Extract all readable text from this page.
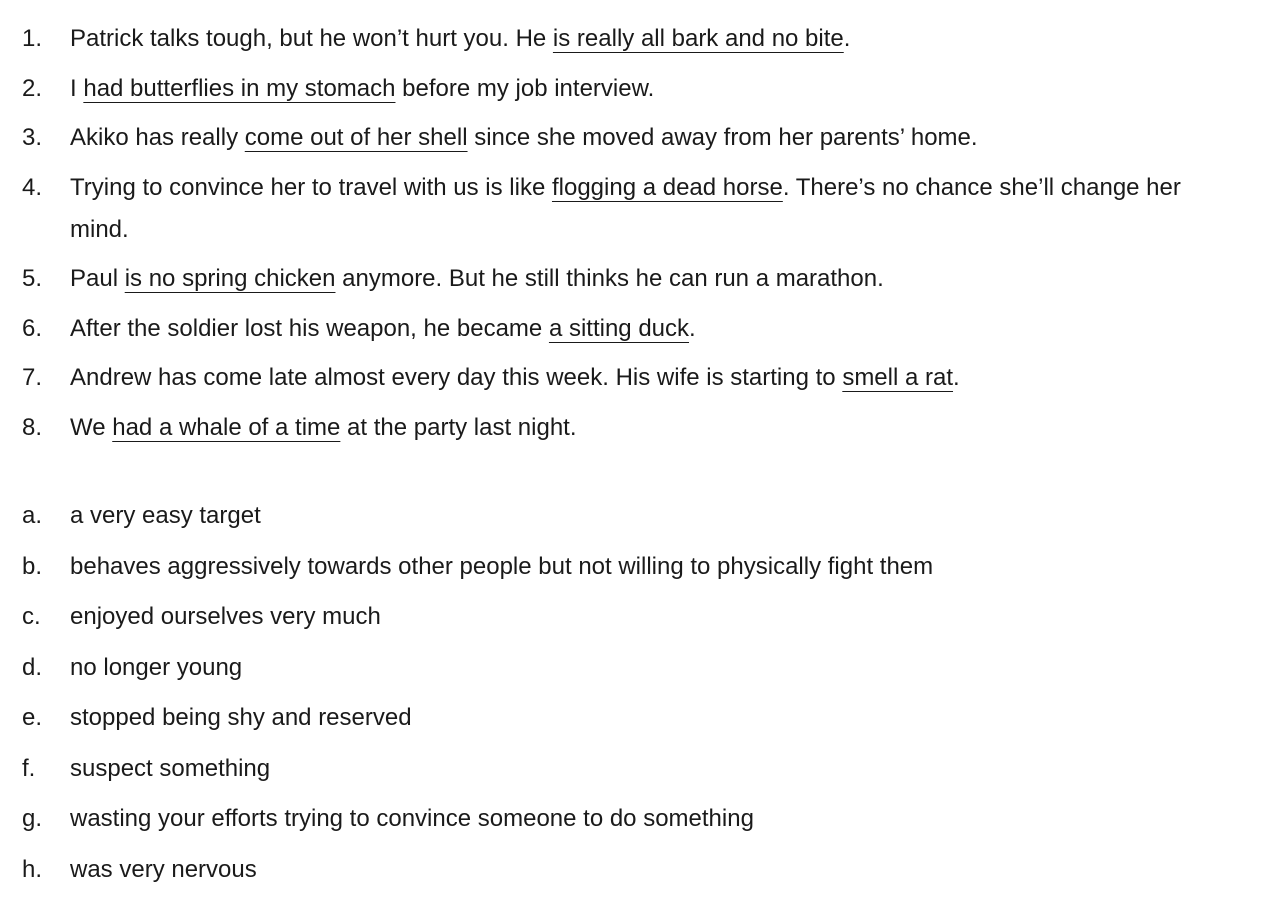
1. Patrick talks tough, but he won’t hurt you. He is really all bark and no bite.
2. I had butterflies in my stomach before my job interview.
3. Akiko has really come out of her shell since she moved away from her parents’ home.
4. Trying to convince her to travel with us is like flogging a dead horse. There’s no chance she’ll change her mind.
5. Paul is no spring chicken anymore. But he still thinks he can run a marathon.
6. After the soldier lost his weapon, he became a sitting duck.
7. Andrew has come late almost every day this week. His wife is starting to smell a rat.
8. We had a whale of a time at the party last night.
a. a very easy target
b. behaves aggressively towards other people but not willing to physically fight them
c. enjoyed ourselves very much
d. no longer young
e. stopped being shy and reserved
f. suspect something
g. wasting your efforts trying to convince someone to do something
h. was very nervous
